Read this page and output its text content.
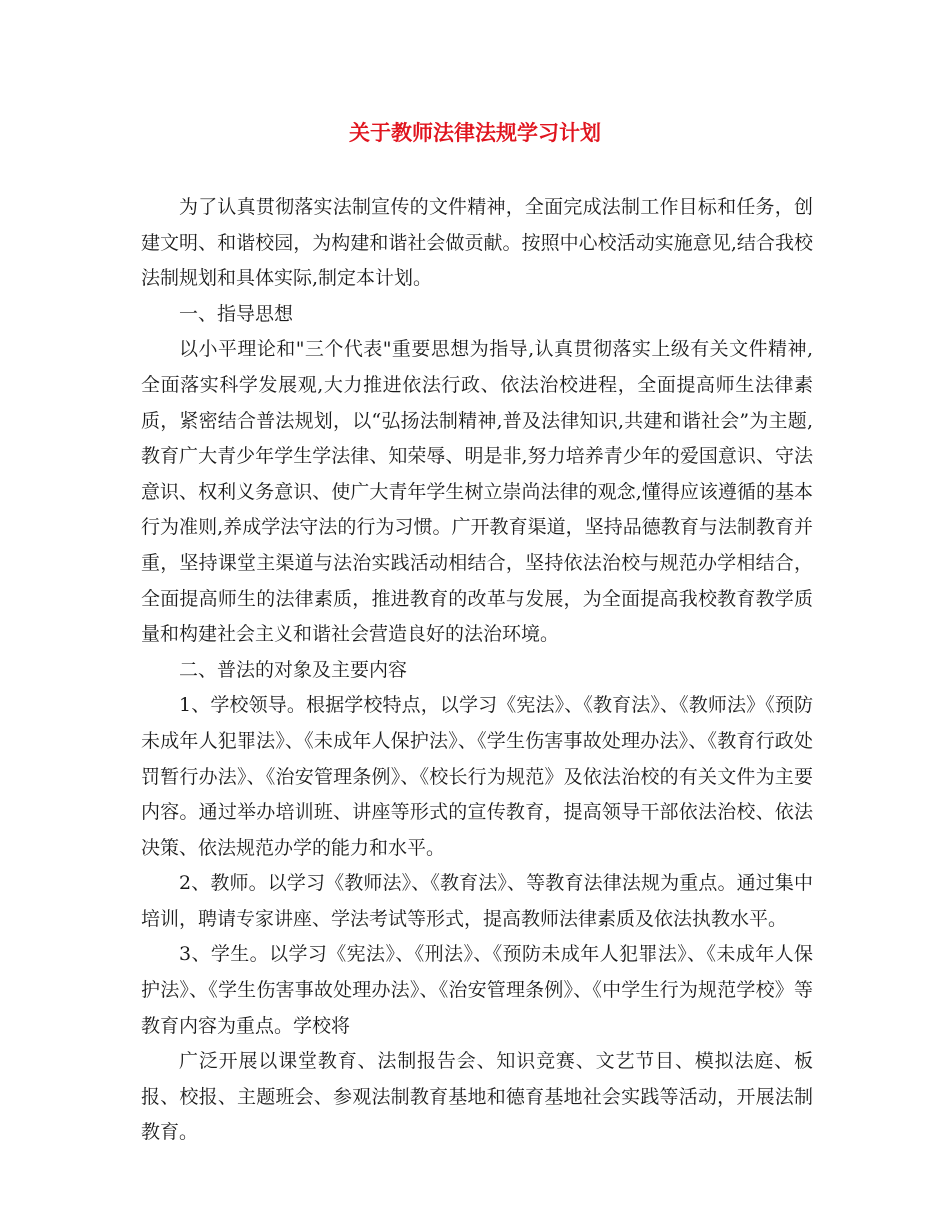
关于教师法律法规学习计划

为了认真贯彻落实法制宣传的文件精神，全面完成法制工作目标和任务，创建文明、和谐校园，为构建和谐社会做贡献。按照中心校活动实施意见,结合我校法制规划和具体实际,制定本计划。

一、指导思想

以小平理论和"三个代表"重要思想为指导,认真贯彻落实上级有关文件精神,全面落实科学发展观,大力推进依法行政、依法治校进程，全面提高师生法律素质，紧密结合普法规划，以“弘扬法制精神,普及法律知识,共建和谐社会”为主题,教育广大青少年学生学法律、知荣辱、明是非,努力培养青少年的爱国意识、守法意识、权利义务意识、使广大青年学生树立崇尚法律的观念,懂得应该遵循的基本行为准则,养成学法守法的行为习惯。广开教育渠道，坚持品德教育与法制教育并重，坚持课堂主渠道与法治实践活动相结合，坚持依法治校与规范办学相结合，全面提高师生的法律素质，推进教育的改革与发展，为全面提高我校教育教学质量和构建社会主义和谐社会营造良好的法治环境。

二、普法的对象及主要内容

1、学校领导。根据学校特点，以学习《宪法》、《教育法》、《教师法》《预防未成年人犯罪法》、《未成年人保护法》、《学生伤害事故处理办法》、《教育行政处罚暂行办法》、《治安管理条例》、《校长行为规范》及依法治校的有关文件为主要内容。通过举办培训班、讲座等形式的宣传教育，提高领导干部依法治校、依法决策、依法规范办学的能力和水平。

2、教师。以学习《教师法》、《教育法》、等教育法律法规为重点。通过集中培训，聘请专家讲座、学法考试等形式，提高教师法律素质及依法执教水平。

3、学生。以学习《宪法》、《刑法》、《预防未成年人犯罪法》、《未成年人保护法》、《学生伤害事故处理办法》、《治安管理条例》、《中学生行为规范学校》等教育内容为重点。学校将

广泛开展以课堂教育、法制报告会、知识竞赛、文艺节目、模拟法庭、板报、校报、主题班会、参观法制教育基地和德育基地社会实践等活动，开展法制教育。
